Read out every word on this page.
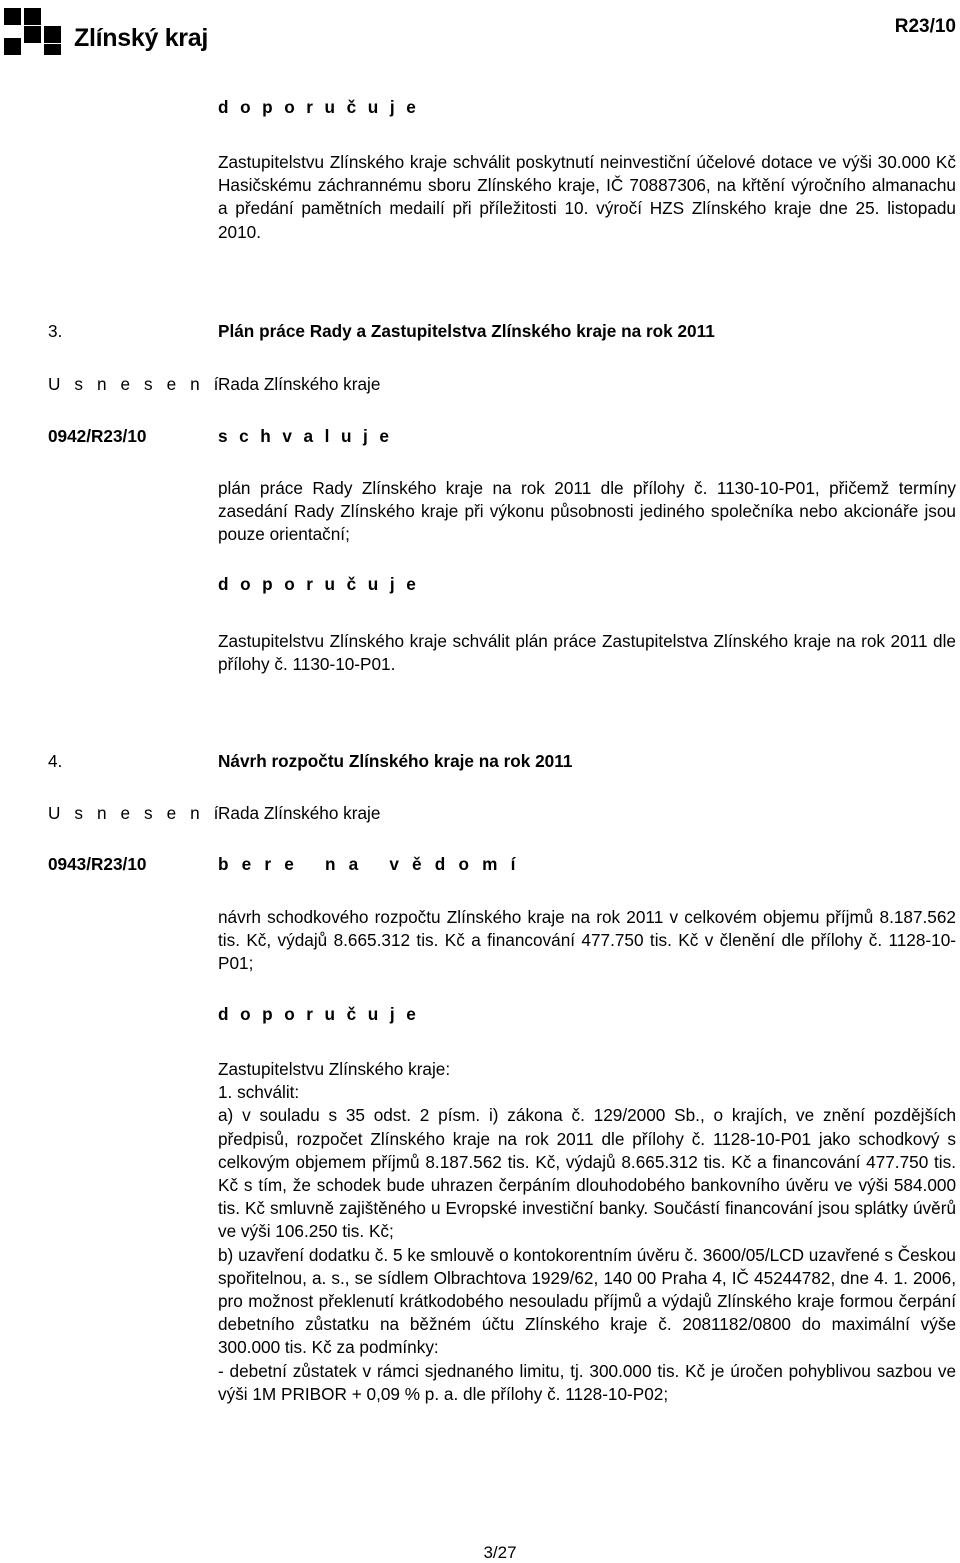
Zlínský kraj	R23/10
d o p o r u č u j e

Zastupitelstvu Zlínského kraje schválit poskytnutí neinvestiční účelové dotace ve výši 30.000 Kč Hasičskému záchrannému sboru Zlínského kraje, IČ 70887306, na křtění výročního almanachu a předání pamětních medailí při příležitosti 10. výročí HZS Zlínského kraje dne 25. listopadu 2010.

3.	Plán práce Rady a Zastupitelstva Zlínského kraje na rok 2011
U s n e s e n í
Rada Zlínského kraje
0942/R23/10	s c h v a l u j e

plán práce Rady Zlínského kraje na rok 2011 dle přílohy č. 1130-10-P01, přičemž termíny zasedání Rady Zlínského kraje při výkonu působnosti jediného společníka nebo akcionáře jsou pouze orientační;

d o p o r u č u j e

Zastupitelstvu Zlínského kraje schválit plán práce Zastupitelstva Zlínského kraje na rok 2011 dle přílohy č. 1130-10-P01.

4.	Návrh rozpočtu Zlínského kraje na rok 2011
U s n e s e n í
Rada Zlínského kraje
0943/R23/10	b e r e   n a   v ě d o m í

návrh schodkového rozpočtu Zlínského kraje na rok 2011 v celkovém objemu příjmů 8.187.562 tis. Kč, výdajů 8.665.312 tis. Kč a financování 477.750 tis. Kč v členění dle přílohy č. 1128-10-P01;

d o p o r u č u j e

Zastupitelstvu Zlínského kraje:

1. schválit:

a) v souladu s 35 odst. 2 písm. i) zákona č. 129/2000 Sb., o krajích, ve znění pozdějších předpisů, rozpočet Zlínského kraje na rok 2011 dle přílohy č. 1128-10-P01 jako schodkový s celkovým objemem příjmů 8.187.562 tis. Kč, výdajů 8.665.312 tis. Kč a financování 477.750 tis. Kč s tím, že schodek bude uhrazen čerpáním dlouhodobého bankovního úvěru ve výši 584.000 tis. Kč smluvně zajištěného u Evropské investiční banky. Součástí financování jsou splátky úvěrů ve výši 106.250 tis. Kč;

b) uzavření dodatku č. 5 ke smlouvě o kontokorentním úvěru č. 3600/05/LCD uzavřené s Českou spořitelnou, a. s., se sídlem Olbrachtova 1929/62, 140 00 Praha 4, IČ 45244782, dne 4. 1. 2006, pro možnost překlenutí krátkodobého nesouladu příjmů a výdajů Zlínského kraje formou čerpání debetního zůstatku na běžném účtu Zlínského kraje č. 2081182/0800 do maximální výše 300.000 tis. Kč za podmínky:

- debetní zůstatek v rámci sjednaného limitu, tj. 300.000 tis. Kč je úročen pohyblivou sazbou ve výši 1M PRIBOR + 0,09 % p. a. dle přílohy č. 1128-10-P02;

3/27
